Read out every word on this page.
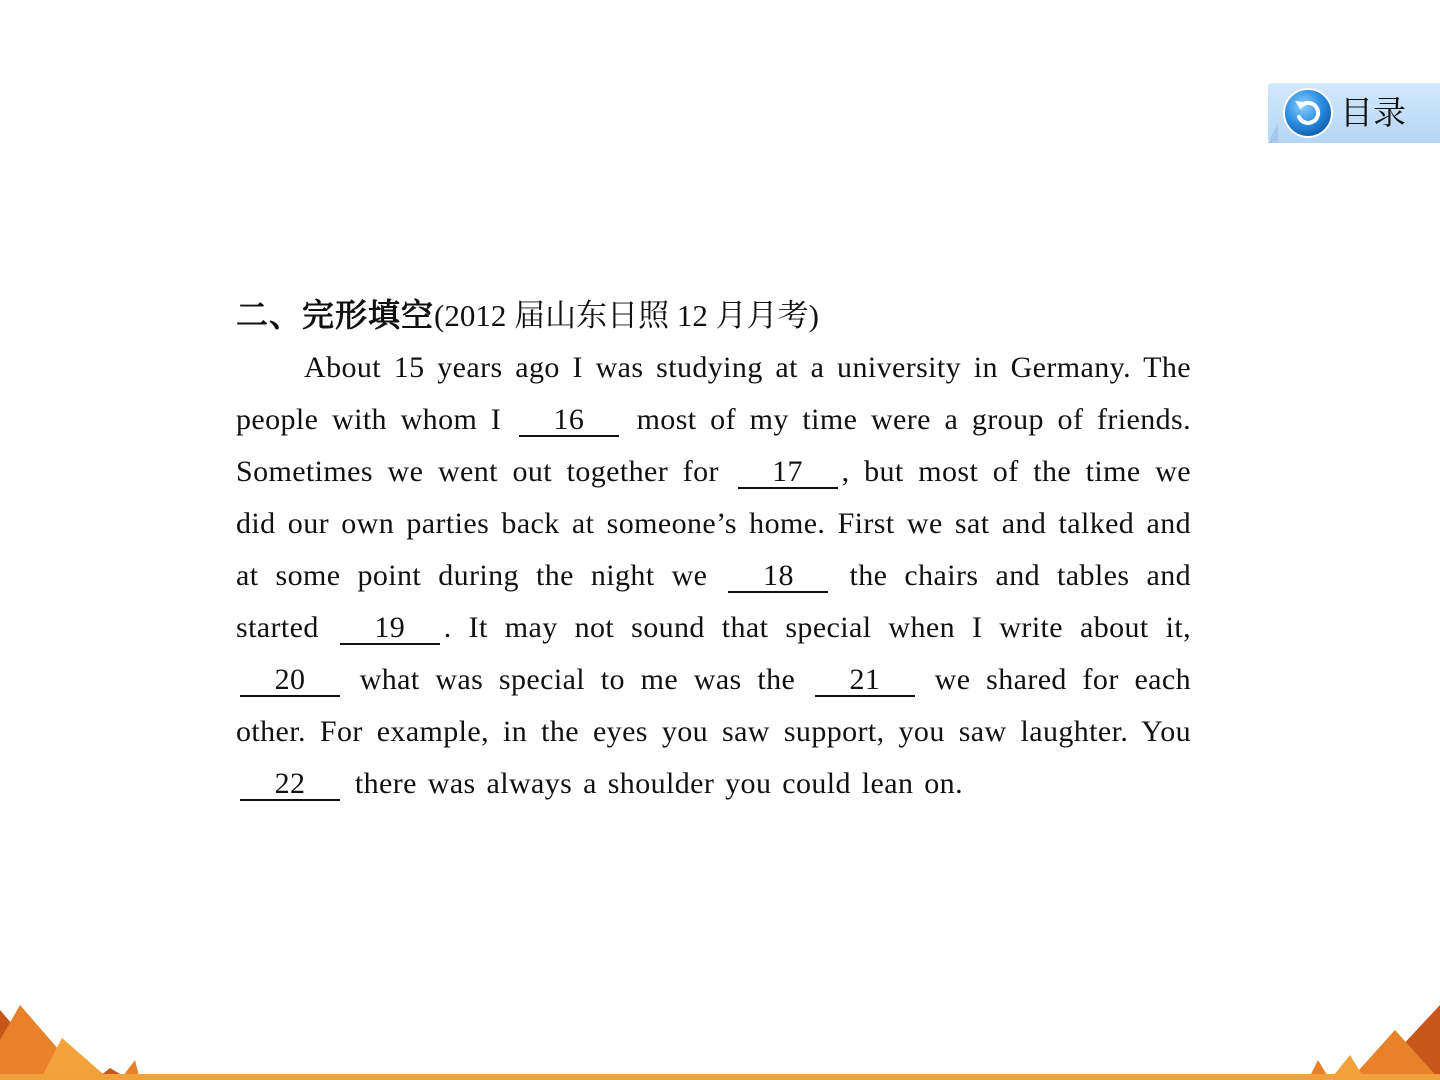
目录
二、完形填空(2012 届山东日照 12 月月考)

About 15 years ago I was studying at a university in Germany. The people with whom I 16 most of my time were a group of friends. Sometimes we went out together for 17 , but most of the time we did our own parties back at someone’s home. First we sat and talked and at some point during the night we 18 the chairs and tables and started 19 . It may not sound that special when I write about it, 20 what was special to me was the 21 we shared for each other. For example, in the eyes you saw support, you saw laughter. You 22 there was always a shoulder you could lean on.
